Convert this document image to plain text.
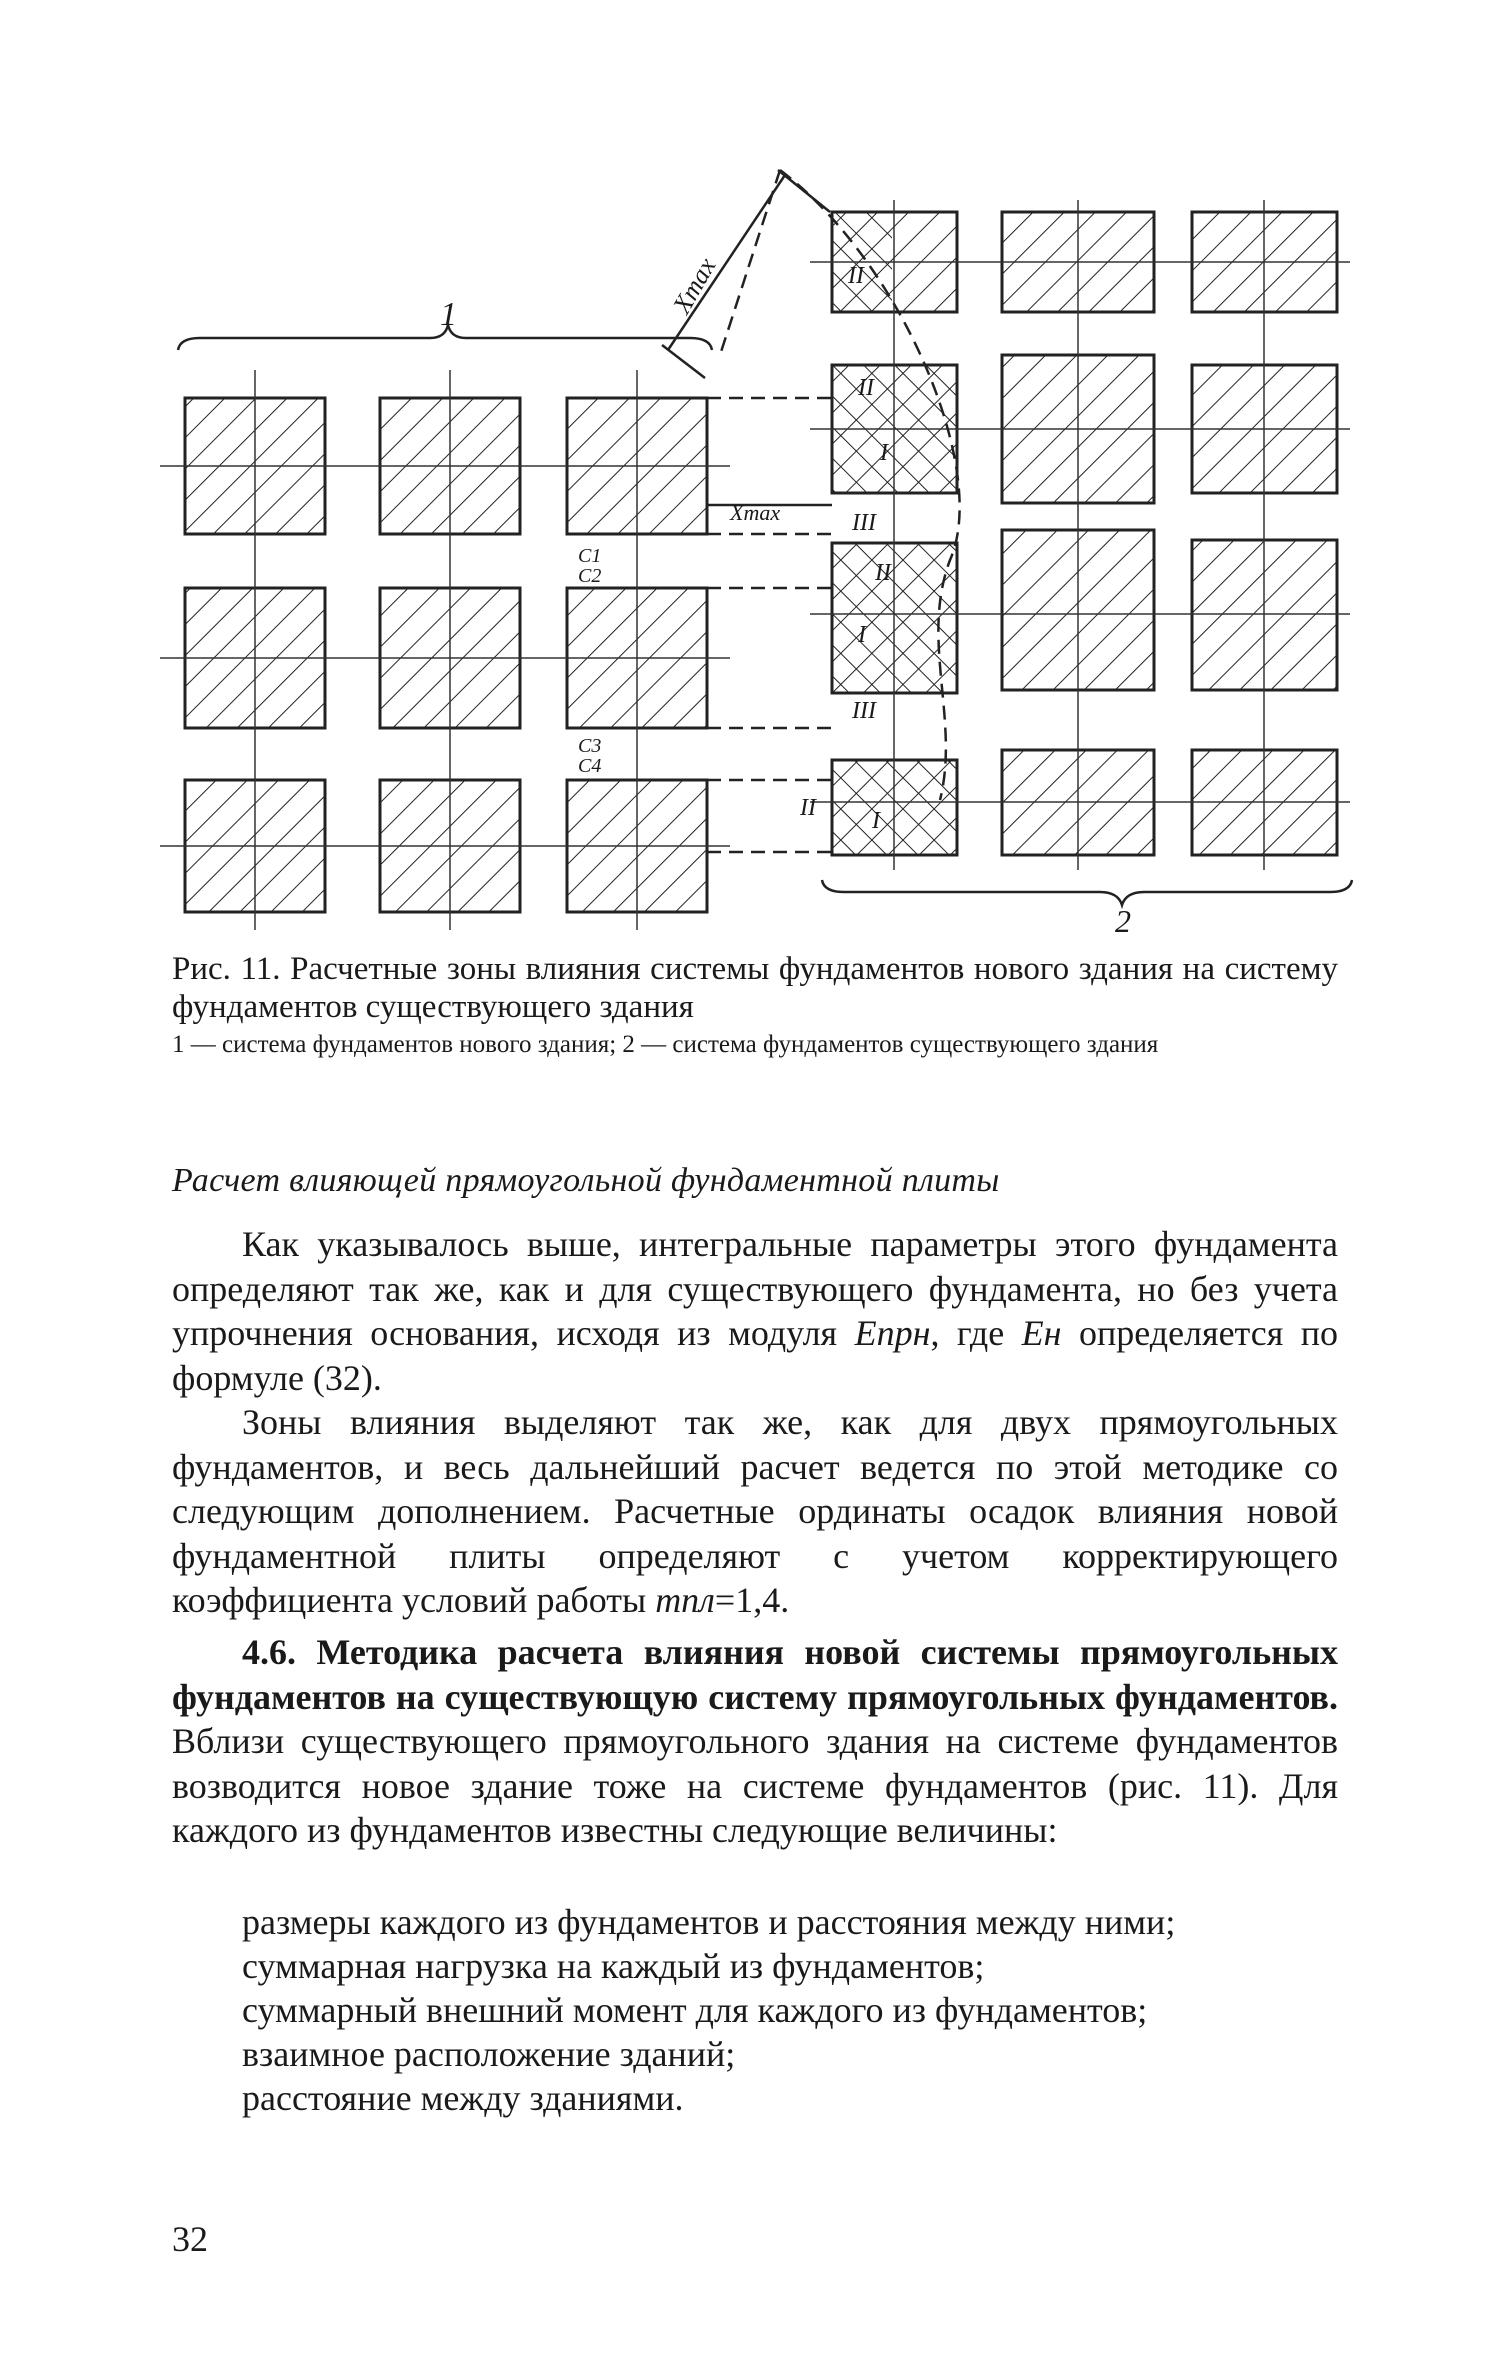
Xmax
Xmax
1
2
C1
C2
C3
C4
II
II
I
III
II
I
III
II I
Рис. 11. Расчетные зоны влияния системы фундаментов нового здания на систему фундаментов существующего здания
1 — система фундаментов нового здания; 2 — система фундаментов существующего здания
Расчет влияющей прямоугольной фундаментной плиты

Как указывалось выше, интегральные параметры этого фундамента определяют так же, как и для существующего фундамента, но без учета упрочнения основания, исходя из модуля Eпрн, где Eн определяется по формуле (32).

Зоны влияния выделяют так же, как для двух прямоугольных фундаментов, и весь дальнейший расчет ведется по этой методике со следующим дополнением. Расчетные ординаты осадок влияния новой фундаментной плиты определяют с учетом корректирующего коэффициента условий работы mпл=1,4.

4.6. Методика расчета влияния новой системы прямоугольных фундаментов на существующую систему прямоугольных фундаментов. Вблизи существующего прямоугольного здания на системе фундаментов возводится новое здание тоже на системе фундаментов (рис. 11). Для каждого из фундаментов известны следующие величины:

размеры каждого из фундаментов и расстояния между ними;
суммарная нагрузка на каждый из фундаментов;
суммарный внешний момент для каждого из фундаментов;
взаимное расположение зданий;
расстояние между зданиями.
32
